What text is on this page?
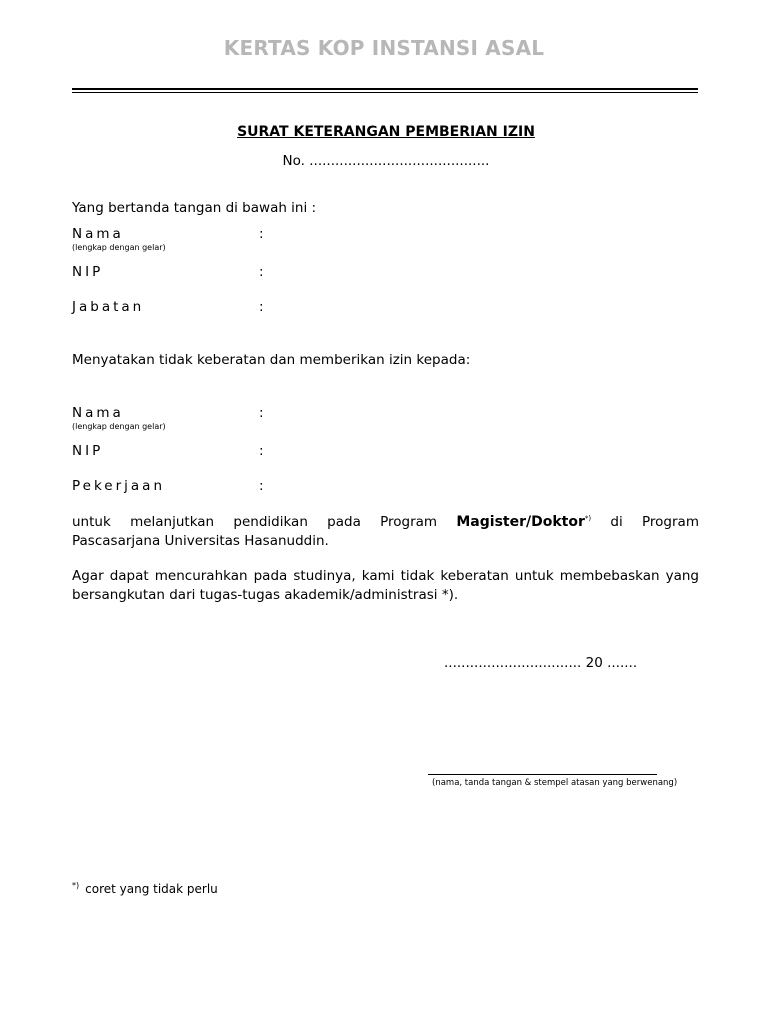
KERTAS KOP INSTANSI ASAL
SURAT KETERANGAN PEMBERIAN IZIN
No. ..........................................
Yang bertanda tangan di bawah ini :
Nama	:
(lengkap dengan gelar)
NIP	:
Jabatan	:
Menyatakan tidak keberatan dan memberikan izin kepada:
Nama	:
(lengkap dengan gelar)
NIP	:
Pekerjaan	:
untuk melanjutkan pendidikan pada Program Magister/Doktor*) di Program
Pascasarjana Universitas Hasanuddin.
Agar dapat mencurahkan pada studinya, kami tidak keberatan untuk membebaskan yang bersangkutan dari tugas-tugas akademik/administrasi *).
................................ 20 .......
(nama, tanda tangan & stempel atasan yang berwenang)
*) coret yang tidak perlu
